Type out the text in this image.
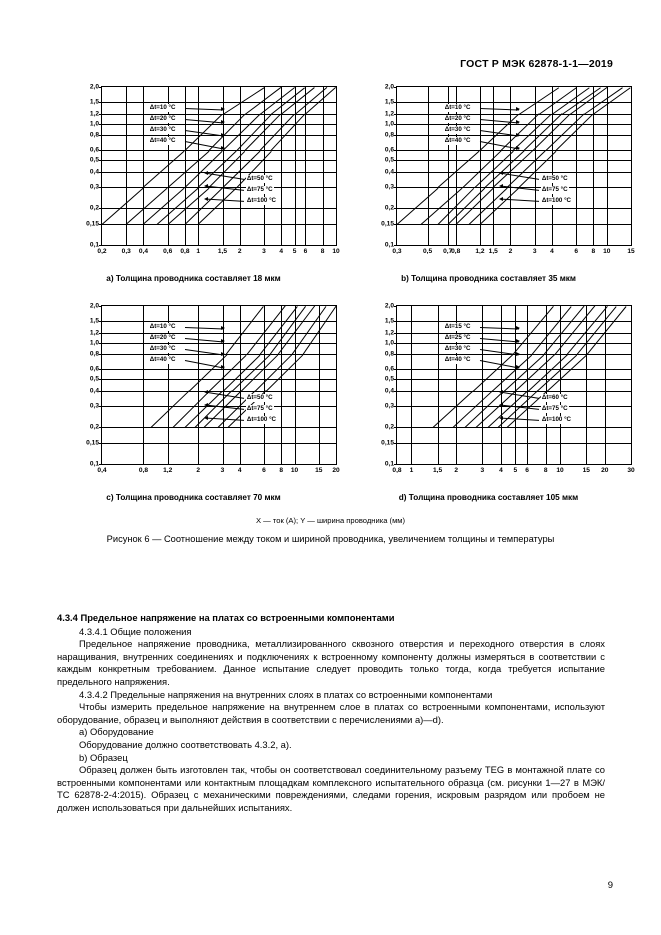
ГОСТ Р МЭК 62878-1-1—2019
0,2 0,3 0,4 0,6 0,8 1	1,5 2	3 4 5 6 8 10
0,1
0,15
0,2
0,3
0,4
0,5
0,6
0,8
1,0
1,2
1,5
2,0
Δt=10 °C
Δt=20 °C
Δt=30 °C
Δt=40 °C
Δt=50 °C
Δt=75 °C
Δt=100 °C
a) Толщина проводника составляет 18 мкм
0,3	0,5 0,7
0,8 1,2 1,5 2	3 4	6 8 10	15
0,1
0,15
0,2
0,3
0,4
0,5
0,6
0,8
1,0
1,2
1,5
2,0
Δt=10 °C
Δt=20 °C
Δt=30 °C
Δt=40 °C
Δt=50 °C
Δt=75 °C
Δt=100 °C
b) Толщина проводника составляет 35 мкм
0,4	0,8 1,2	2	3 4	6 8 10	15 20
0,1
0,15
0,2
0,3
0,4
0,5
0,6
0,8
1,0
1,2
1,5
2,0
Δt=10 °C
Δt=20 °C
Δt=30 °C
Δt=40 °C
Δt=50 °C
Δt=75 °C
Δt=100 °C
c) Толщина проводника составляет 70 мкм
0,8 1	1,5 2	3 4 5 6 8 10	15 20	30
0,1
0,15
0,2
0,3
0,4
0,5
0,6
0,8
1,0
1,2
1,5
2,0
Δt=15 °C
Δt=25 °C
Δt=30 °C
Δt=40 °C
Δt=60 °C
Δt=75 °C
Δt=100 °C
d) Толщина проводника составляет 105 мкм
X — ток (A); Y — ширина проводника (мм)
Рисунок 6 — Соотношение между током и шириной проводника, увеличением толщины и температуры
4.3.4 Предельное напряжение на платах со встроенными компонентами
4.3.4.1 Общие положения

Предельное напряжение проводника, металлизированного сквозного отверстия и переходного отверстия в слоях наращивания, внутренних соединениях и подключениях к встроенному компоненту должны измеряться в соответствии с каждым конкретным требованием. Данное испытание следует проводить только тогда, когда требуется испытание предельного напряжения.

4.3.4.2 Предельные напряжения на внутренних слоях в платах со встроенными компонентами

Чтобы измерить предельное напряжение на внутреннем слое в платах со встроенными компонентами, используют оборудование, образец и выполняют действия в соответствии с перечислениями a)—d).

a) Оборудование
Оборудование должно соответствовать 4.3.2, a).
b) Образец

Образец должен быть изготовлен так, чтобы он соответствовал соединительному разъему TEG в монтажной плате со встроенными компонентами или контактным площадкам комплексного испытательного образца (см. рисунки 1—27 в МЭК/ТС 62878-2-4:2015). Образец с механическими повреждениями, следами горения, искровым разрядом или пробоем не должен использоваться при дальнейших испытаниях.

9
